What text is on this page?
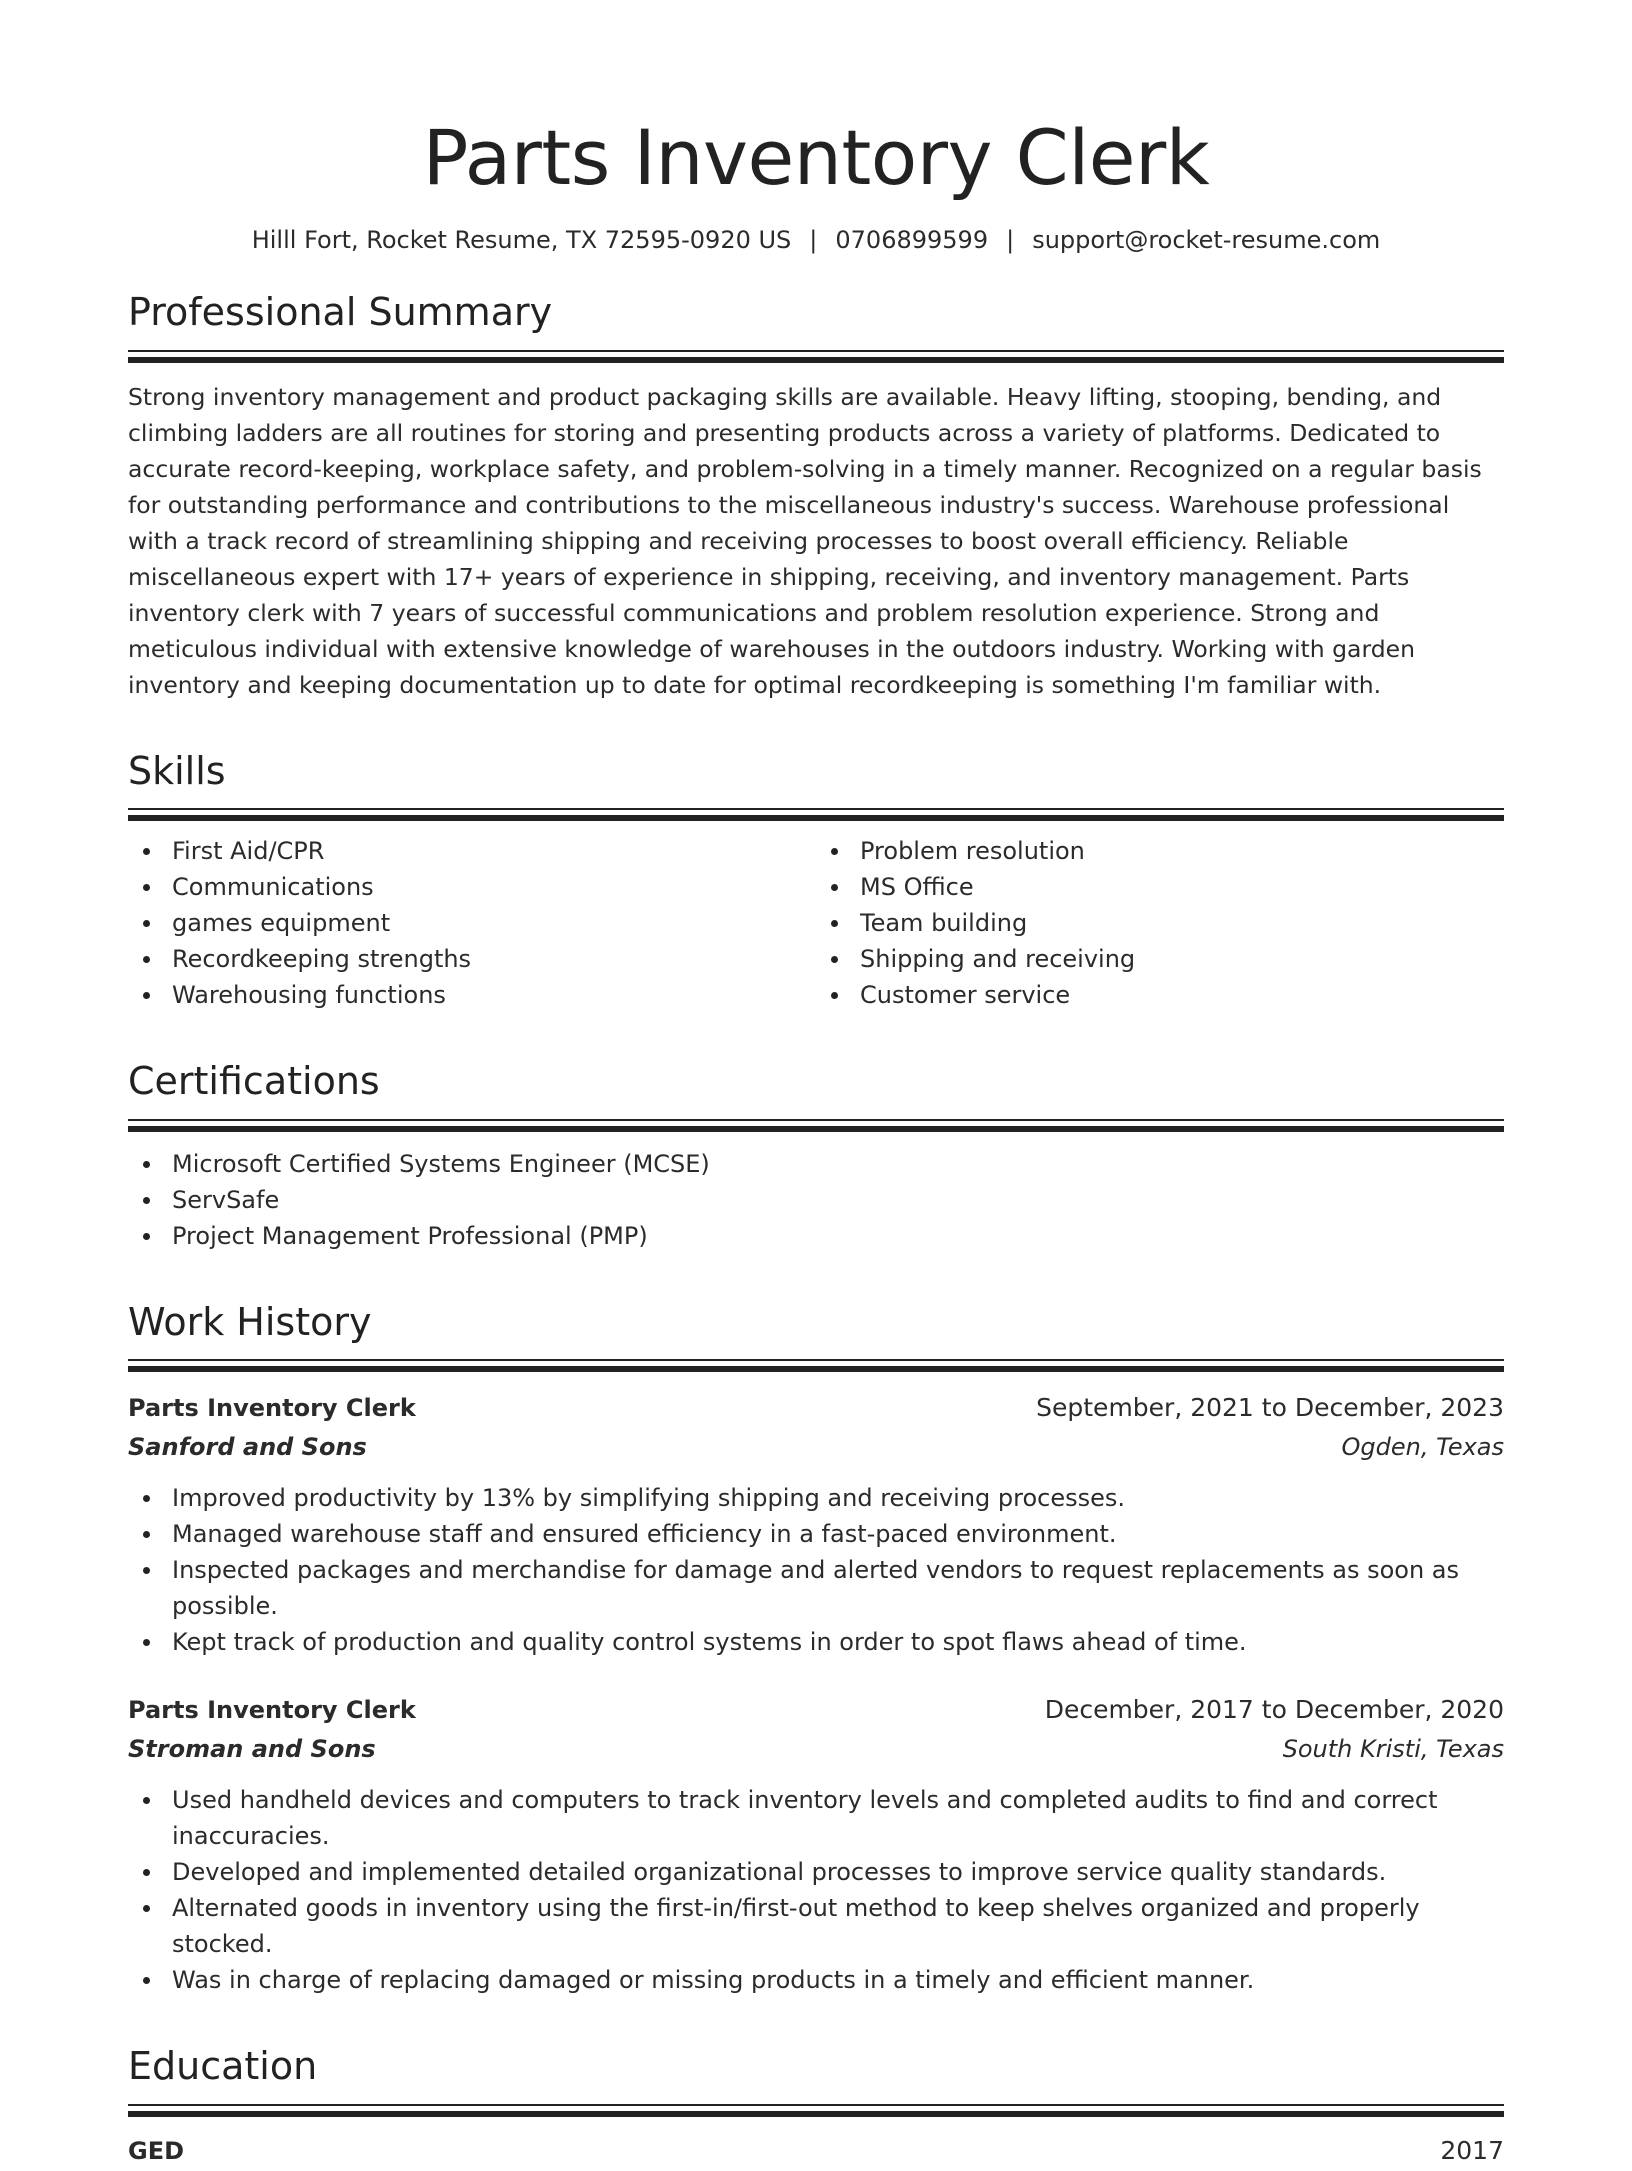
Parts Inventory Clerk
Hilll Fort, Rocket Resume, TX 72595-0920 US | 0706899599 | support@rocket-resume.com
Professional Summary
Strong inventory management and product packaging skills are available. Heavy lifting, stooping, bending, and climbing ladders are all routines for storing and presenting products across a variety of platforms. Dedicated to accurate record-keeping, workplace safety, and problem-solving in a timely manner. Recognized on a regular basis for outstanding performance and contributions to the miscellaneous industry's success. Warehouse professional with a track record of streamlining shipping and receiving processes to boost overall efficiency. Reliable miscellaneous expert with 17+ years of experience in shipping, receiving, and inventory management. Parts inventory clerk with 7 years of successful communications and problem resolution experience. Strong and meticulous individual with extensive knowledge of warehouses in the outdoors industry. Working with garden inventory and keeping documentation up to date for optimal recordkeeping is something I'm familiar with.
Skills
First Aid/CPR
Communications
games equipment
Recordkeeping strengths
Warehousing functions
Problem resolution
MS Office
Team building
Shipping and receiving
Customer service
Certifications
Microsoft Certified Systems Engineer (MCSE)
ServSafe
Project Management Professional (PMP)
Work History
Parts Inventory Clerk	September, 2021 to December, 2023
Sanford and Sons	Ogden, Texas
Improved productivity by 13% by simplifying shipping and receiving processes.
Managed warehouse staff and ensured efficiency in a fast-paced environment.
Inspected packages and merchandise for damage and alerted vendors to request replacements as soon as possible.
Kept track of production and quality control systems in order to spot flaws ahead of time.
Parts Inventory Clerk	December, 2017 to December, 2020
Stroman and Sons	South Kristi, Texas
Used handheld devices and computers to track inventory levels and completed audits to find and correct inaccuracies.
Developed and implemented detailed organizational processes to improve service quality standards.
Alternated goods in inventory using the first-in/first-out method to keep shelves organized and properly stocked.
Was in charge of replacing damaged or missing products in a timely and efficient manner.
Education
GED	2017
